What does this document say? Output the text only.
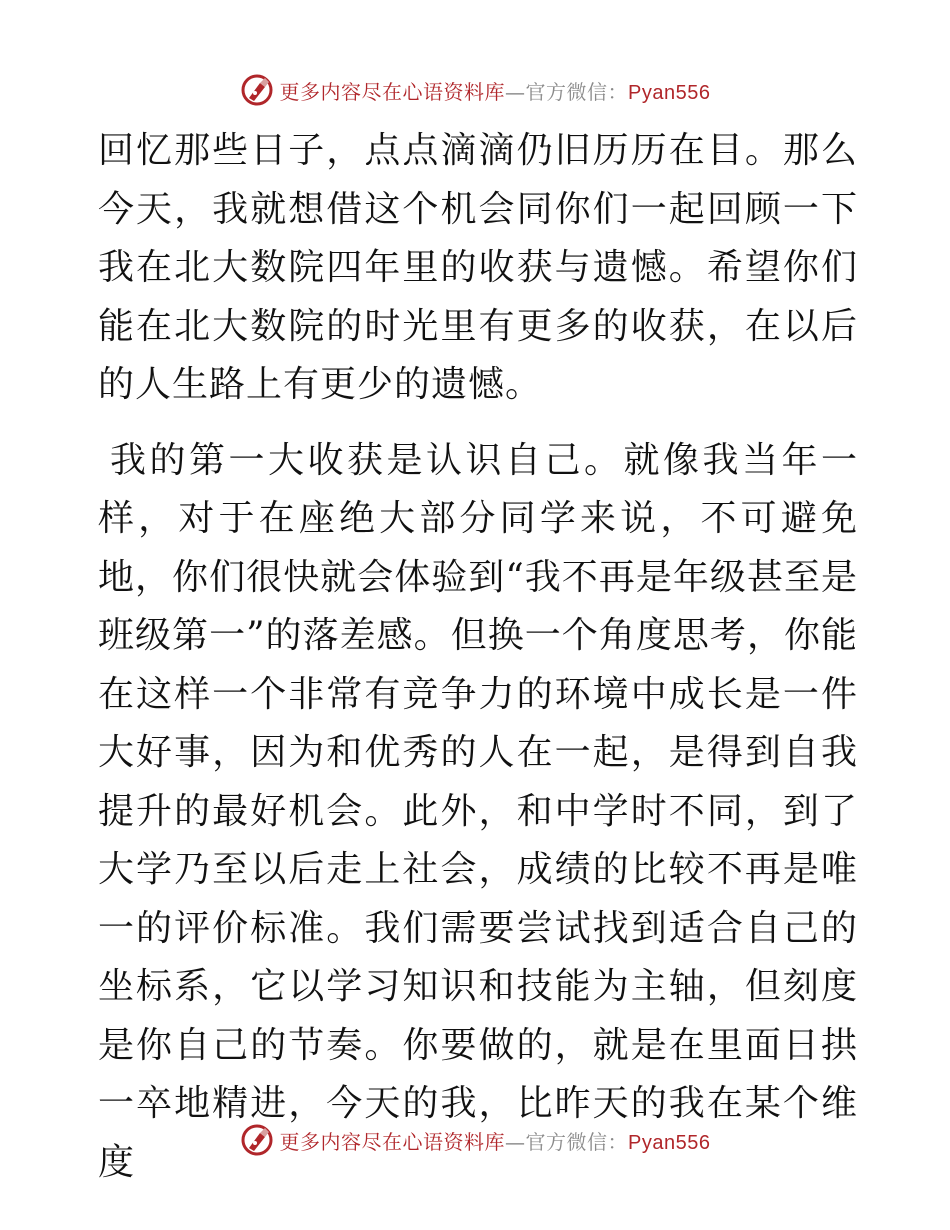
更多内容尽在心语资料库—官方微信：Pyan556

回忆那些日子，点点滴滴仍旧历历在目。那么今天，我就想借这个机会同你们一起回顾一下我在北大数院四年里的收获与遗憾。希望你们能在北大数院的时光里有更多的收获，在以后的人生路上有更少的遗憾。

我的第一大收获是认识自己。就像我当年一样，对于在座绝大部分同学来说，不可避免地，你们很快就会体验到“我不再是年级甚至是班级第一”的落差感。但换一个角度思考，你能在这样一个非常有竞争力的环境中成长是一件大好事，因为和优秀的人在一起，是得到自我提升的最好机会。此外，和中学时不同，到了大学乃至以后走上社会，成绩的比较不再是唯一的评价标准。我们需要尝试找到适合自己的坐标系，它以学习知识和技能为主轴，但刻度是你自己的节奏。你要做的，就是在里面日拱一卒地精进，今天的我，比昨天的我在某个维度	更多内容尽在心语资料库—官方微信：Pyan556
